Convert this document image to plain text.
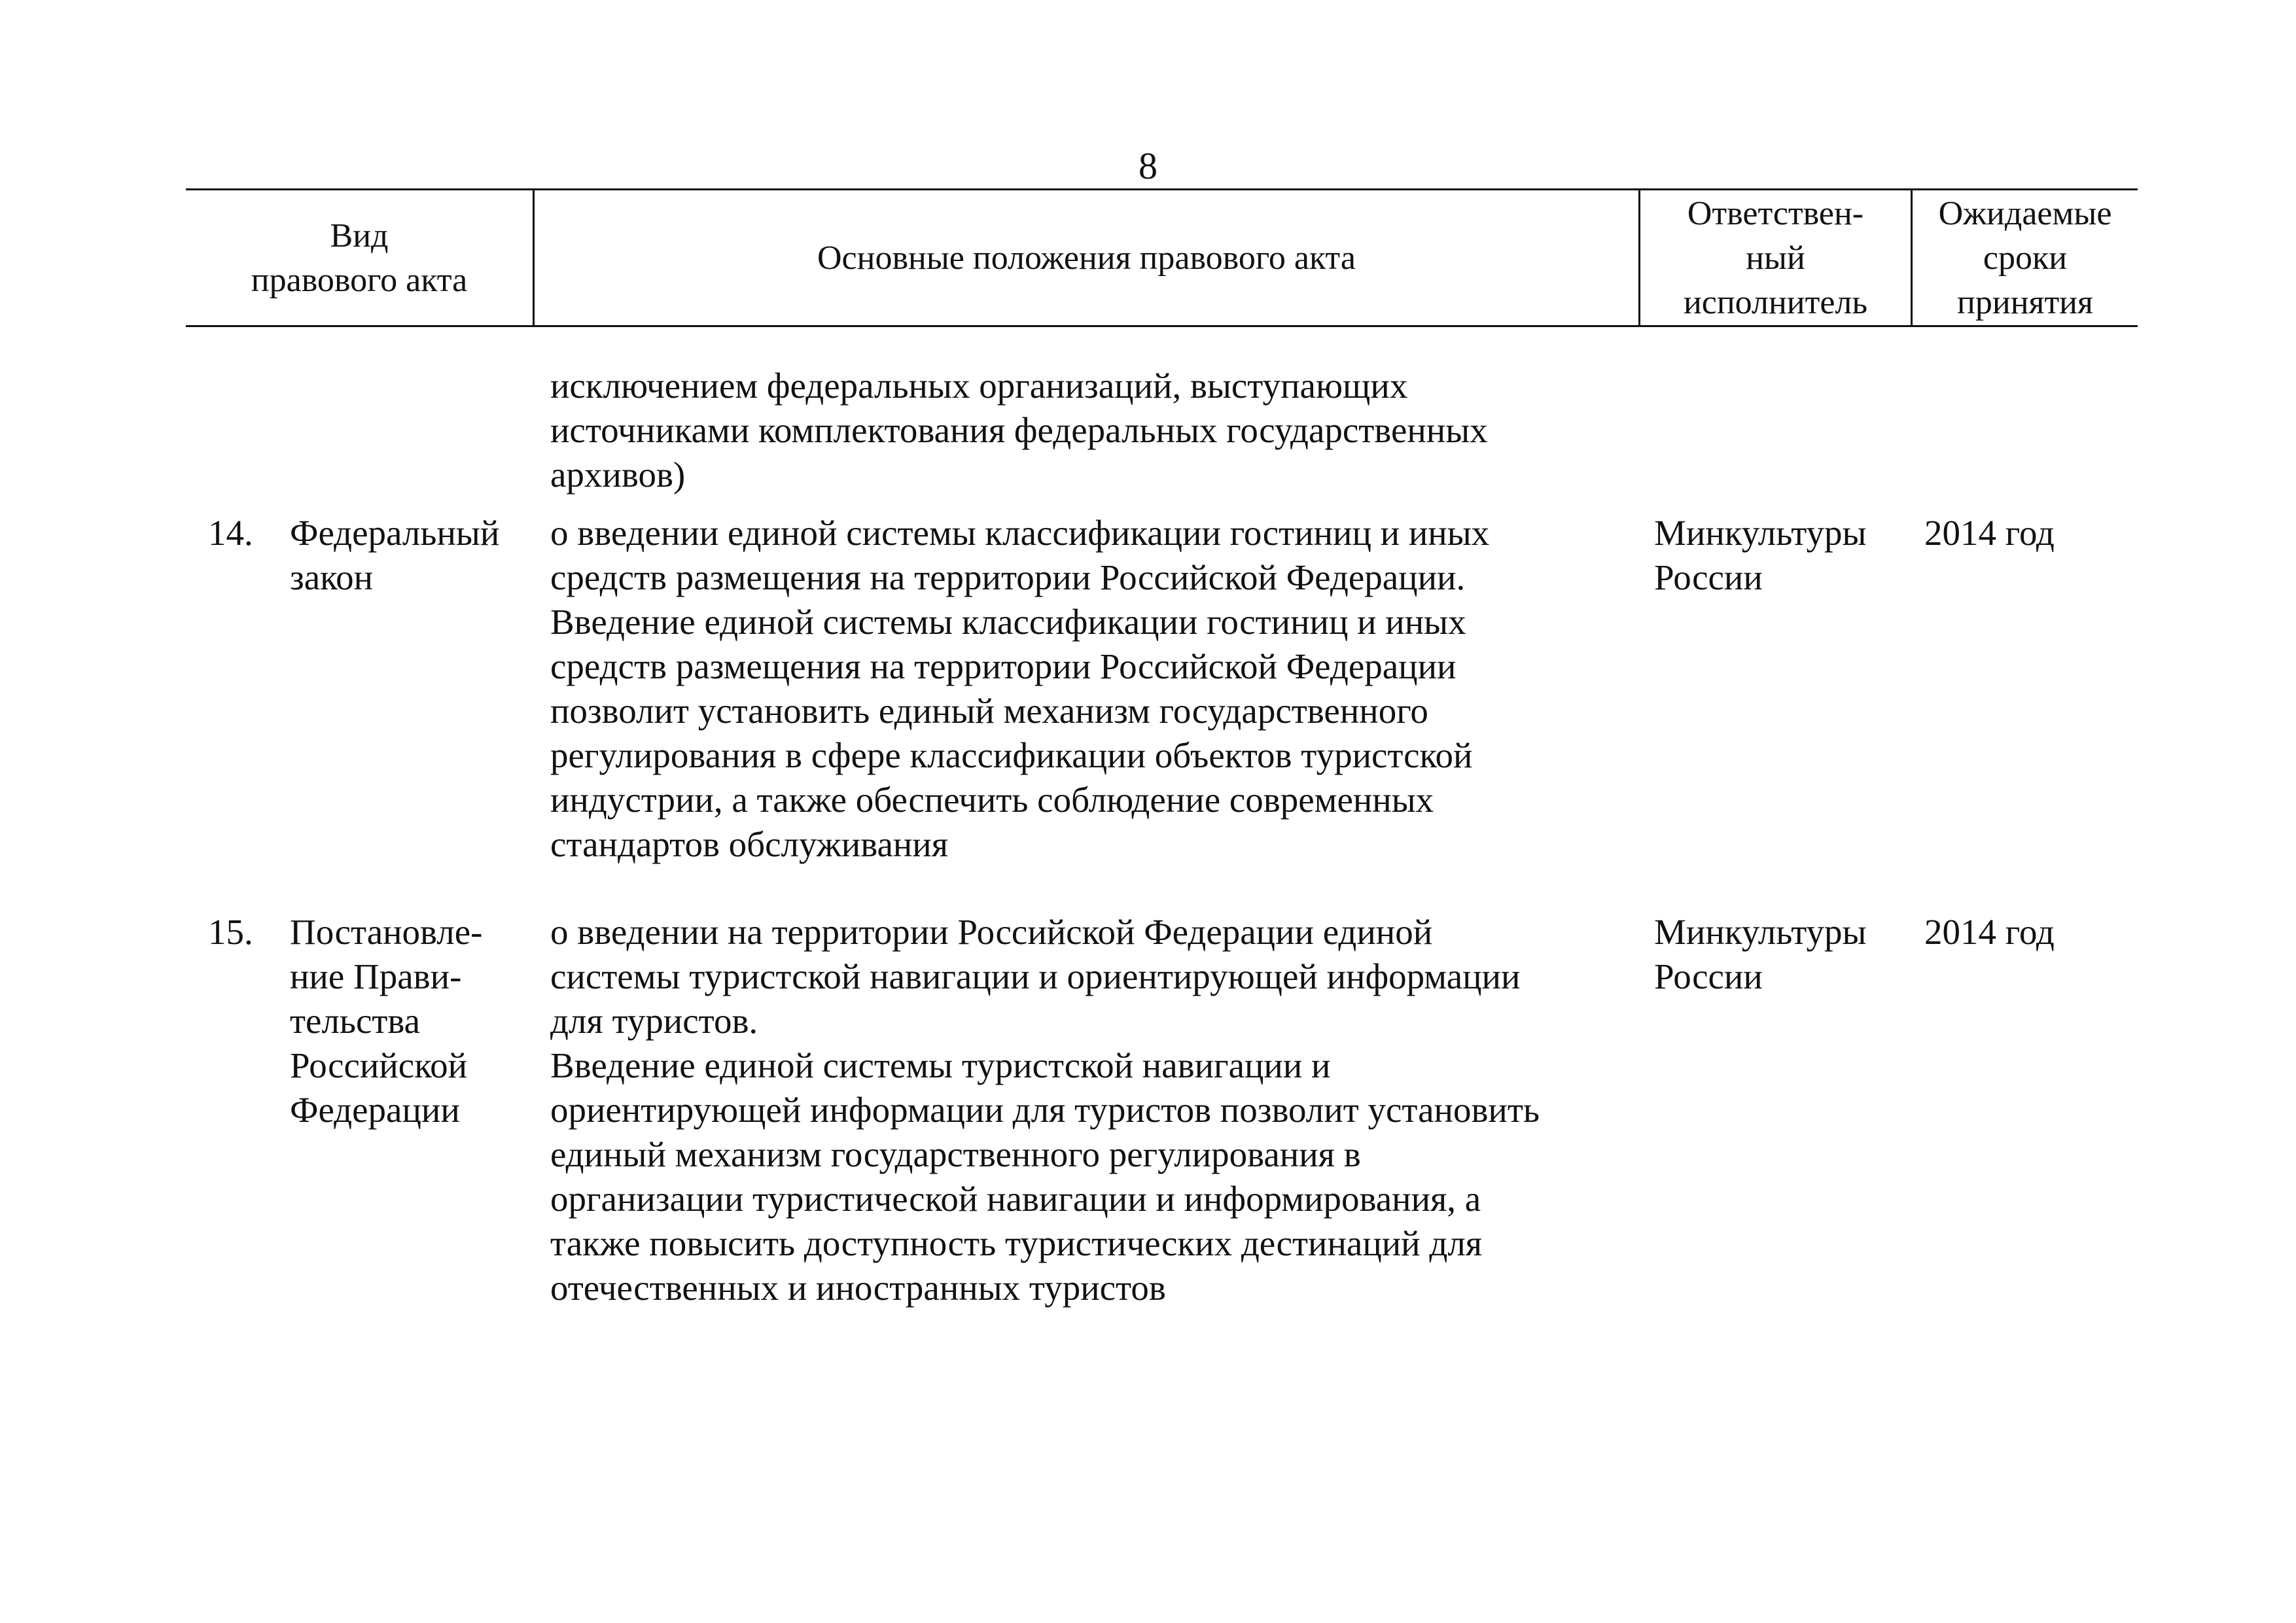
8
Вид
правового акта
Основные положения правового акта
Ответствен-
ный
исполнитель
Ожидаемые
сроки
принятия
исключением федеральных организаций, выступающих
источниками комплектования федеральных государственных
архивов)
14. Федеральный
закон
о введении единой системы классификации гостиниц и иных
средств размещения на территории Российской Федерации.
Введение единой системы классификации гостиниц и иных
средств размещения на территории Российской Федерации
позволит установить единый механизм государственного
регулирования в сфере классификации объектов туристской
индустрии, а также обеспечить соблюдение современных
стандартов обслуживания
Минкультуры
России
2014 год
15. Постановле-
ние Прави-
тельства
Российской
Федерации
о введении на территории Российской Федерации единой
системы туристской навигации и ориентирующей информации
для туристов.
Введение единой системы туристской навигации и
ориентирующей информации для туристов позволит установить
единый механизм государственного регулирования в
организации туристической навигации и информирования, а
также повысить доступность туристических дестинаций для
отечественных и иностранных туристов
Минкультуры
России
2014 год
